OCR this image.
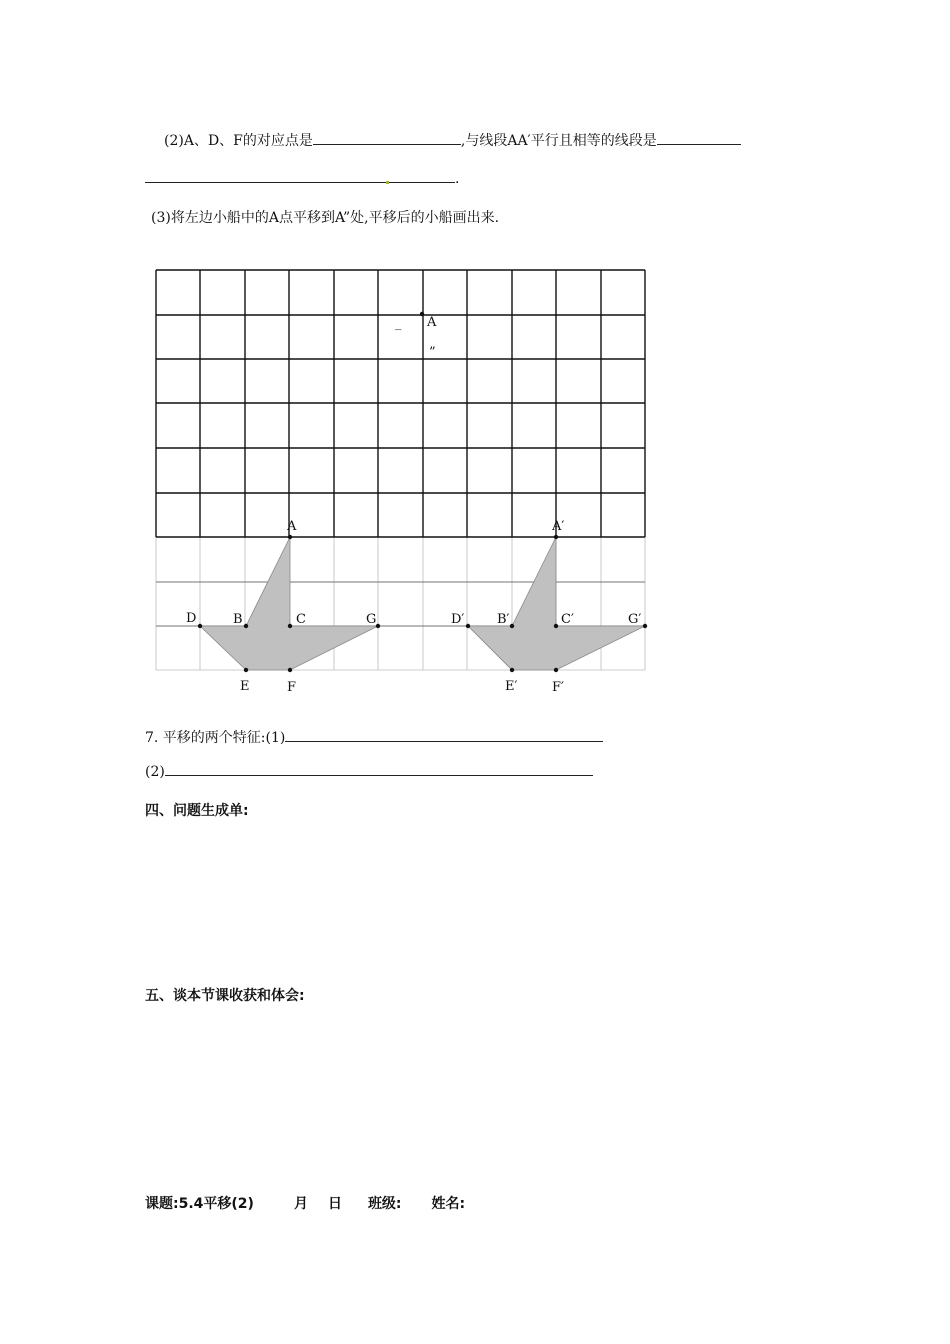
(2)A、D、F的对应点是	,与线段AA′平行且相等的线段是
.
(3)将左边小船中的A点平移到A”处,平移后的小船画出来.
A
D	B	C	G
E	F
A′
D′	B′	C′	G′
E′	F′
A
”
_
7. 平移的两个特征:(1)
(2)
四、问题生成单:
五、谈本节课收获和体会:
课题:5.4平移(2)	月 日 班级: 姓名:
